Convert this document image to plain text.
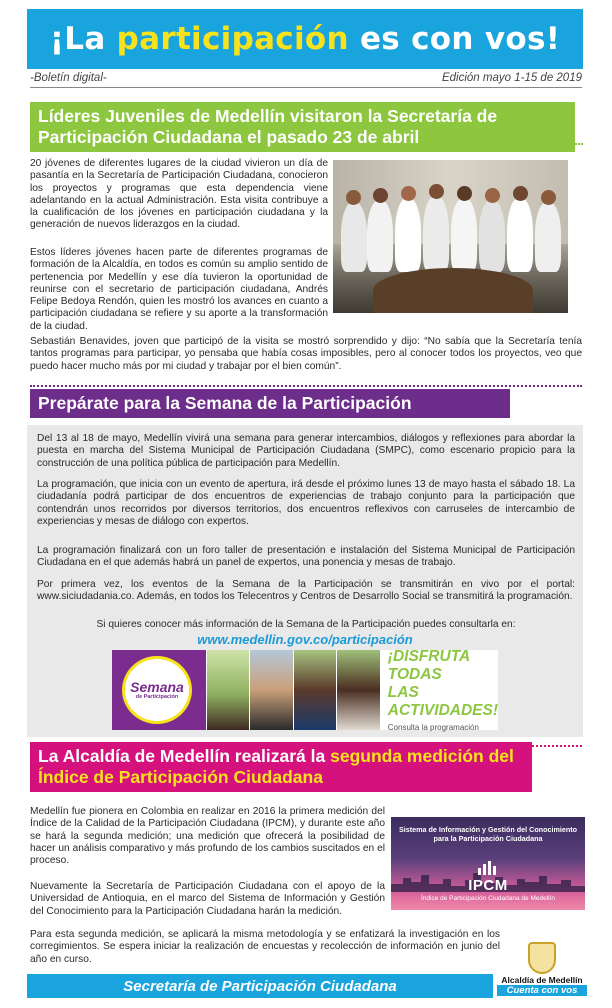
¡La participación es con vos!
-Boletín digital-	Edición mayo 1-15 de 2019
Líderes Juveniles de Medellín visitaron la Secretaría de Participación Ciudadana el pasado 23 de abril
20 jóvenes de diferentes lugares de la ciudad vivieron un día de pasantía en la Secretaría de Participación Ciudadana, conocieron los proyectos y programas que esta dependencia viene adelantando en la actual Administración. Esta visita contribuye a la cualificación de los jóvenes en participación ciudadana y la generación de nuevos liderazgos en la ciudad.
Estos líderes jóvenes hacen parte de diferentes programas de formación de la Alcaldía, en todos es común su amplio sentido de pertenencia por Medellín y ese día tuvieron la oportunidad de reunirse con el secretario de participación ciudadana, Andrés Felipe Bedoya Rendón, quien les mostró los avances en cuanto a participación ciudadana se refiere y su aporte a la transformación de la ciudad.
Sebastián Benavides, joven que participó de la visita se mostró sorprendido y dijo: “No sabía que la Secretaría tenía tantos programas para participar, yo pensaba que había cosas imposibles, pero al conocer todos los proyectos, veo que puedo hacer mucho más por mi ciudad y trabajar por el bien común”.
Prepárate para la Semana de la Participación
Del 13 al 18 de mayo, Medellín vivirá una semana para generar intercambios, diálogos y reflexiones para abordar la puesta en marcha del Sistema Municipal de Participación Ciudadana (SMPC), como escenario propicio para la construcción de una política pública de participación para Medellín.
La programación, que inicia con un evento de apertura, irá desde el próximo lunes 13 de mayo hasta el sábado 18. La ciudadanía podrá participar de dos encuentros de experiencias de trabajo conjunto para la participación que contendrán unos recorridos por diversos territorios, dos encuentros reflexivos con carruseles de intercambio de experiencias y mesas de diálogo con expertos.
La programación finalizará con un foro taller de presentación e instalación del Sistema Municipal de Participación Ciudadana en el que además habrá un panel de expertos, una ponencia y mesas de trabajo.
Por primera vez, los eventos de la Semana de la Participación se transmitirán en vivo por el portal: www.siciudadania.co. Además, en todos los Telecentros y Centros de Desarrollo Social se transmitirá la programación.
Si quieres conocer más información de la Semana de la Participación puedes consultarla en:
www.medellin.gov.co/participación
Semana
de Participación
¡DISFRUTA TODAS
LAS ACTIVIDADES!
Consulta la programación
La Alcaldía de Medellín realizará la segunda medición del Índice de Participación Ciudadana
Medellín fue pionera en Colombia en realizar en 2016 la primera medición del Índice de la Calidad de la Participación Ciudadana (IPCM), y durante este año se hará la segunda medición; una medición que ofrecerá la posibilidad de hacer un análisis comparativo y más profundo de los cambios suscitados en el proceso.
Nuevamente la Secretaría de Participación Ciudadana con el apoyo de la Universidad de Antioquia, en el marco del Sistema de Información y Gestión del Conocimiento para la Participación Ciudadana harán la medición.
Para esta segunda medición, se aplicará la misma metodología y se enfatizará la investigación en los corregimientos. Se espera iniciar la realización de encuestas y recolección de información en junio del año en curso.
Sistema de Información y Gestión del Conocimiento para la Participación Ciudadana
IPCM
Índice de Participación Ciudadana de Medellín
Secretaría de Participación Ciudadana	Alcaldía de Medellín
Cuenta con vos
